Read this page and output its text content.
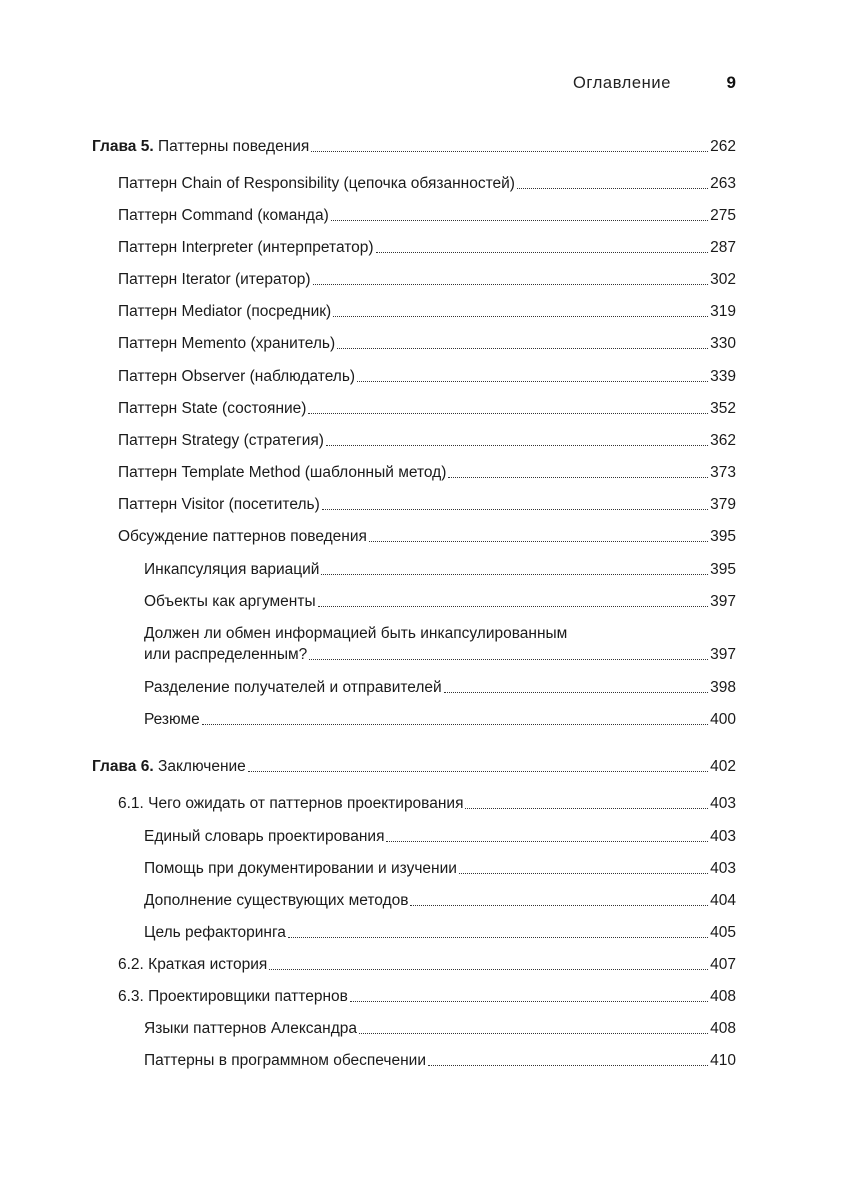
Оглавление	9
Глава 5. Паттерны поведения	262
Паттерн Chain of Responsibility (цепочка обязанностей)	263
Паттерн Command (команда)	275
Паттерн Interpreter (интерпретатор)	287
Паттерн Iterator (итератор)	302
Паттерн Mediator (посредник)	319
Паттерн Memento (хранитель)	330
Паттерн Observer (наблюдатель)	339
Паттерн State (состояние)	352
Паттерн Strategy (стратегия)	362
Паттерн Template Method (шаблонный метод)	373
Паттерн Visitor (посетитель)	379
Обсуждение паттернов поведения	395
Инкапсуляция вариаций	395
Объекты как аргументы	397
Должен ли обмен информацией быть инкапсулированным
или распределенным?	397
Разделение получателей и отправителей	398
Резюме	400
Глава 6. Заключение	402
6.1. Чего ожидать от паттернов проектирования	403
Единый словарь проектирования	403
Помощь при документировании и изучении	403
Дополнение существующих методов	404
Цель рефакторинга	405
6.2. Краткая история	407
6.3. Проектировщики паттернов	408
Языки паттернов Александра	408
Паттерны в программном обеспечении	410
